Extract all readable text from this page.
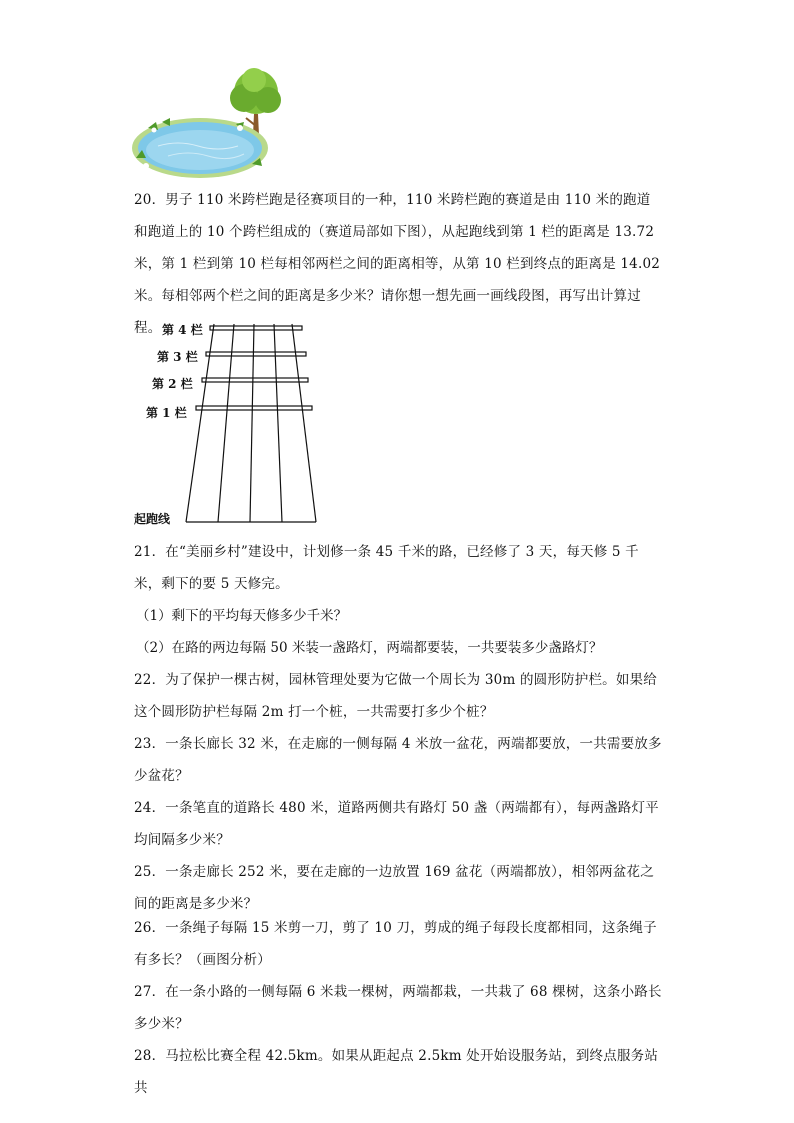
20．男子 110 米跨栏跑是径赛项目的一种，110 米跨栏跑的赛道是由 110 米的跑道和跑道上的 10 个跨栏组成的（赛道局部如下图），从起跑线到第 1 栏的距离是 13.72 米，第 1 栏到第 10 栏每相邻两栏之间的距离相等，从第 10 栏到终点的距离是 14.02 米。每相邻两个栏之间的距离是多少米？请你想一想先画一画线段图，再写出计算过程。 第 4 栏
第 3 栏
第 2 栏
第 1 栏
起跑线

21．在“美丽乡村”建设中，计划修一条 45 千米的路，已经修了 3 天，每天修 5 千米，剩下的要 5 天修完。

（1）剩下的平均每天修多少千米？

（2）在路的两边每隔 50 米装一盏路灯，两端都要装，一共要装多少盏路灯？

22．为了保护一棵古树，园林管理处要为它做一个周长为 30m 的圆形防护栏。如果给这个圆形防护栏每隔 2m 打一个桩，一共需要打多少个桩？

23．一条长廊长 32 米，在走廊的一侧每隔 4 米放一盆花，两端都要放，一共需要放多少盆花？

24．一条笔直的道路长 480 米，道路两侧共有路灯 50 盏（两端都有），每两盏路灯平均间隔多少米？

25．一条走廊长 252 米，要在走廊的一边放置 169 盆花（两端都放），相邻两盆花之间的距离是多少米？

26．一条绳子每隔 15 米剪一刀，剪了 10 刀，剪成的绳子每段长度都相同，这条绳子有多长？（画图分析）

27．在一条小路的一侧每隔 6 米栽一棵树，两端都栽，一共栽了 68 棵树，这条小路长多少米？

28．马拉松比赛全程 42.5km。如果从距起点 2.5km 处开始设服务站，到终点服务站共
